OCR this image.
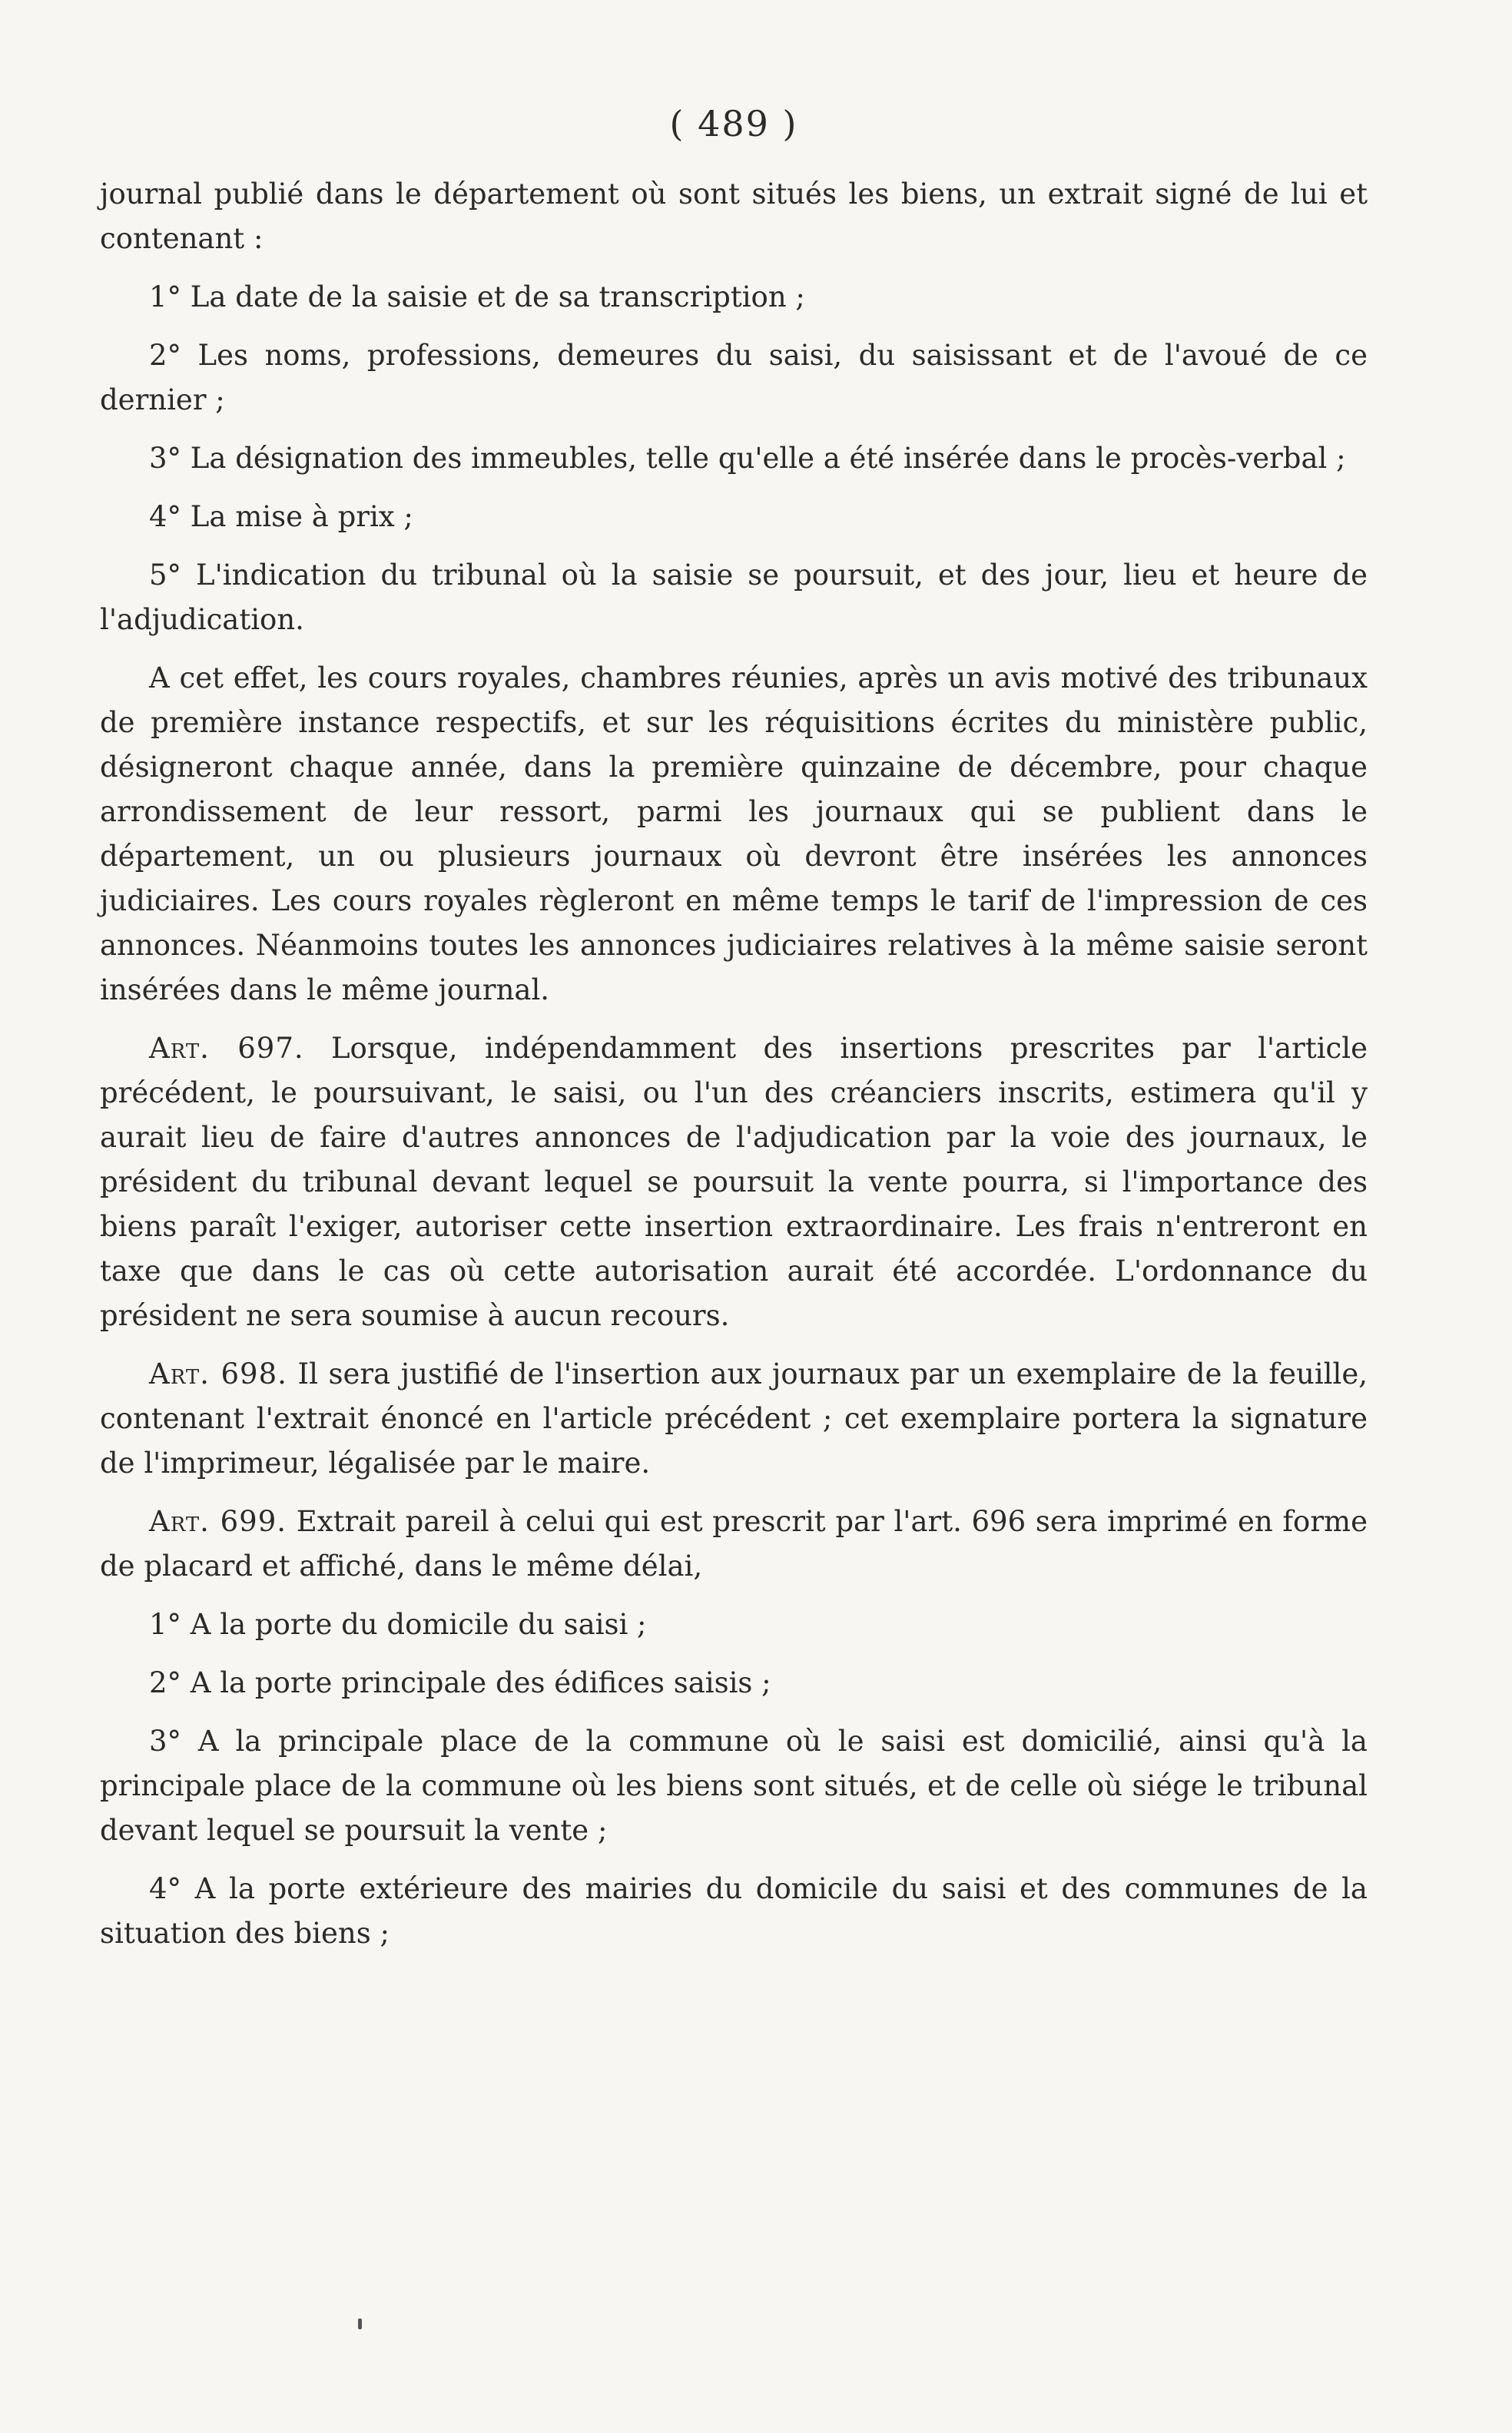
( 489 )

journal publié dans le département où sont situés les biens, un extrait signé de lui et contenant :

1° La date de la saisie et de sa transcription ;

2° Les noms, professions, demeures du saisi, du saisissant et de l'avoué de ce dernier ;

3° La désignation des immeubles, telle qu'elle a été insérée dans le procès-verbal ;

4° La mise à prix ;

5° L'indication du tribunal où la saisie se poursuit, et des jour, lieu et heure de l'adjudication.

A cet effet, les cours royales, chambres réunies, après un avis motivé des tribunaux de première instance respectifs, et sur les réquisitions écrites du ministère public, désigneront chaque année, dans la première quinzaine de décembre, pour chaque arrondissement de leur ressort, parmi les journaux qui se publient dans le département, un ou plusieurs journaux où devront être insérées les annonces judiciaires. Les cours royales règleront en même temps le tarif de l'impression de ces annonces. Néanmoins toutes les annonces judiciaires relatives à la même saisie seront insérées dans le même journal.

Art. 697. Lorsque, indépendamment des insertions prescrites par l'article précédent, le poursuivant, le saisi, ou l'un des créanciers inscrits, estimera qu'il y aurait lieu de faire d'autres annonces de l'adjudication par la voie des journaux, le président du tribunal devant lequel se poursuit la vente pourra, si l'importance des biens paraît l'exiger, autoriser cette insertion extraordinaire. Les frais n'entreront en taxe que dans le cas où cette autorisation aurait été accordée. L'ordonnance du président ne sera soumise à aucun recours.

Art. 698. Il sera justifié de l'insertion aux journaux par un exemplaire de la feuille, contenant l'extrait énoncé en l'article précédent ; cet exemplaire portera la signature de l'imprimeur, légalisée par le maire.

Art. 699. Extrait pareil à celui qui est prescrit par l'art. 696 sera imprimé en forme de placard et affiché, dans le même délai,

1° A la porte du domicile du saisi ;

2° A la porte principale des édifices saisis ;

3° A la principale place de la commune où le saisi est domicilié, ainsi qu'à la principale place de la commune où les biens sont situés, et de celle où siége le tribunal devant lequel se poursuit la vente ;

4° A la porte extérieure des mairies du domicile du saisi et des communes de la situation des biens ;
